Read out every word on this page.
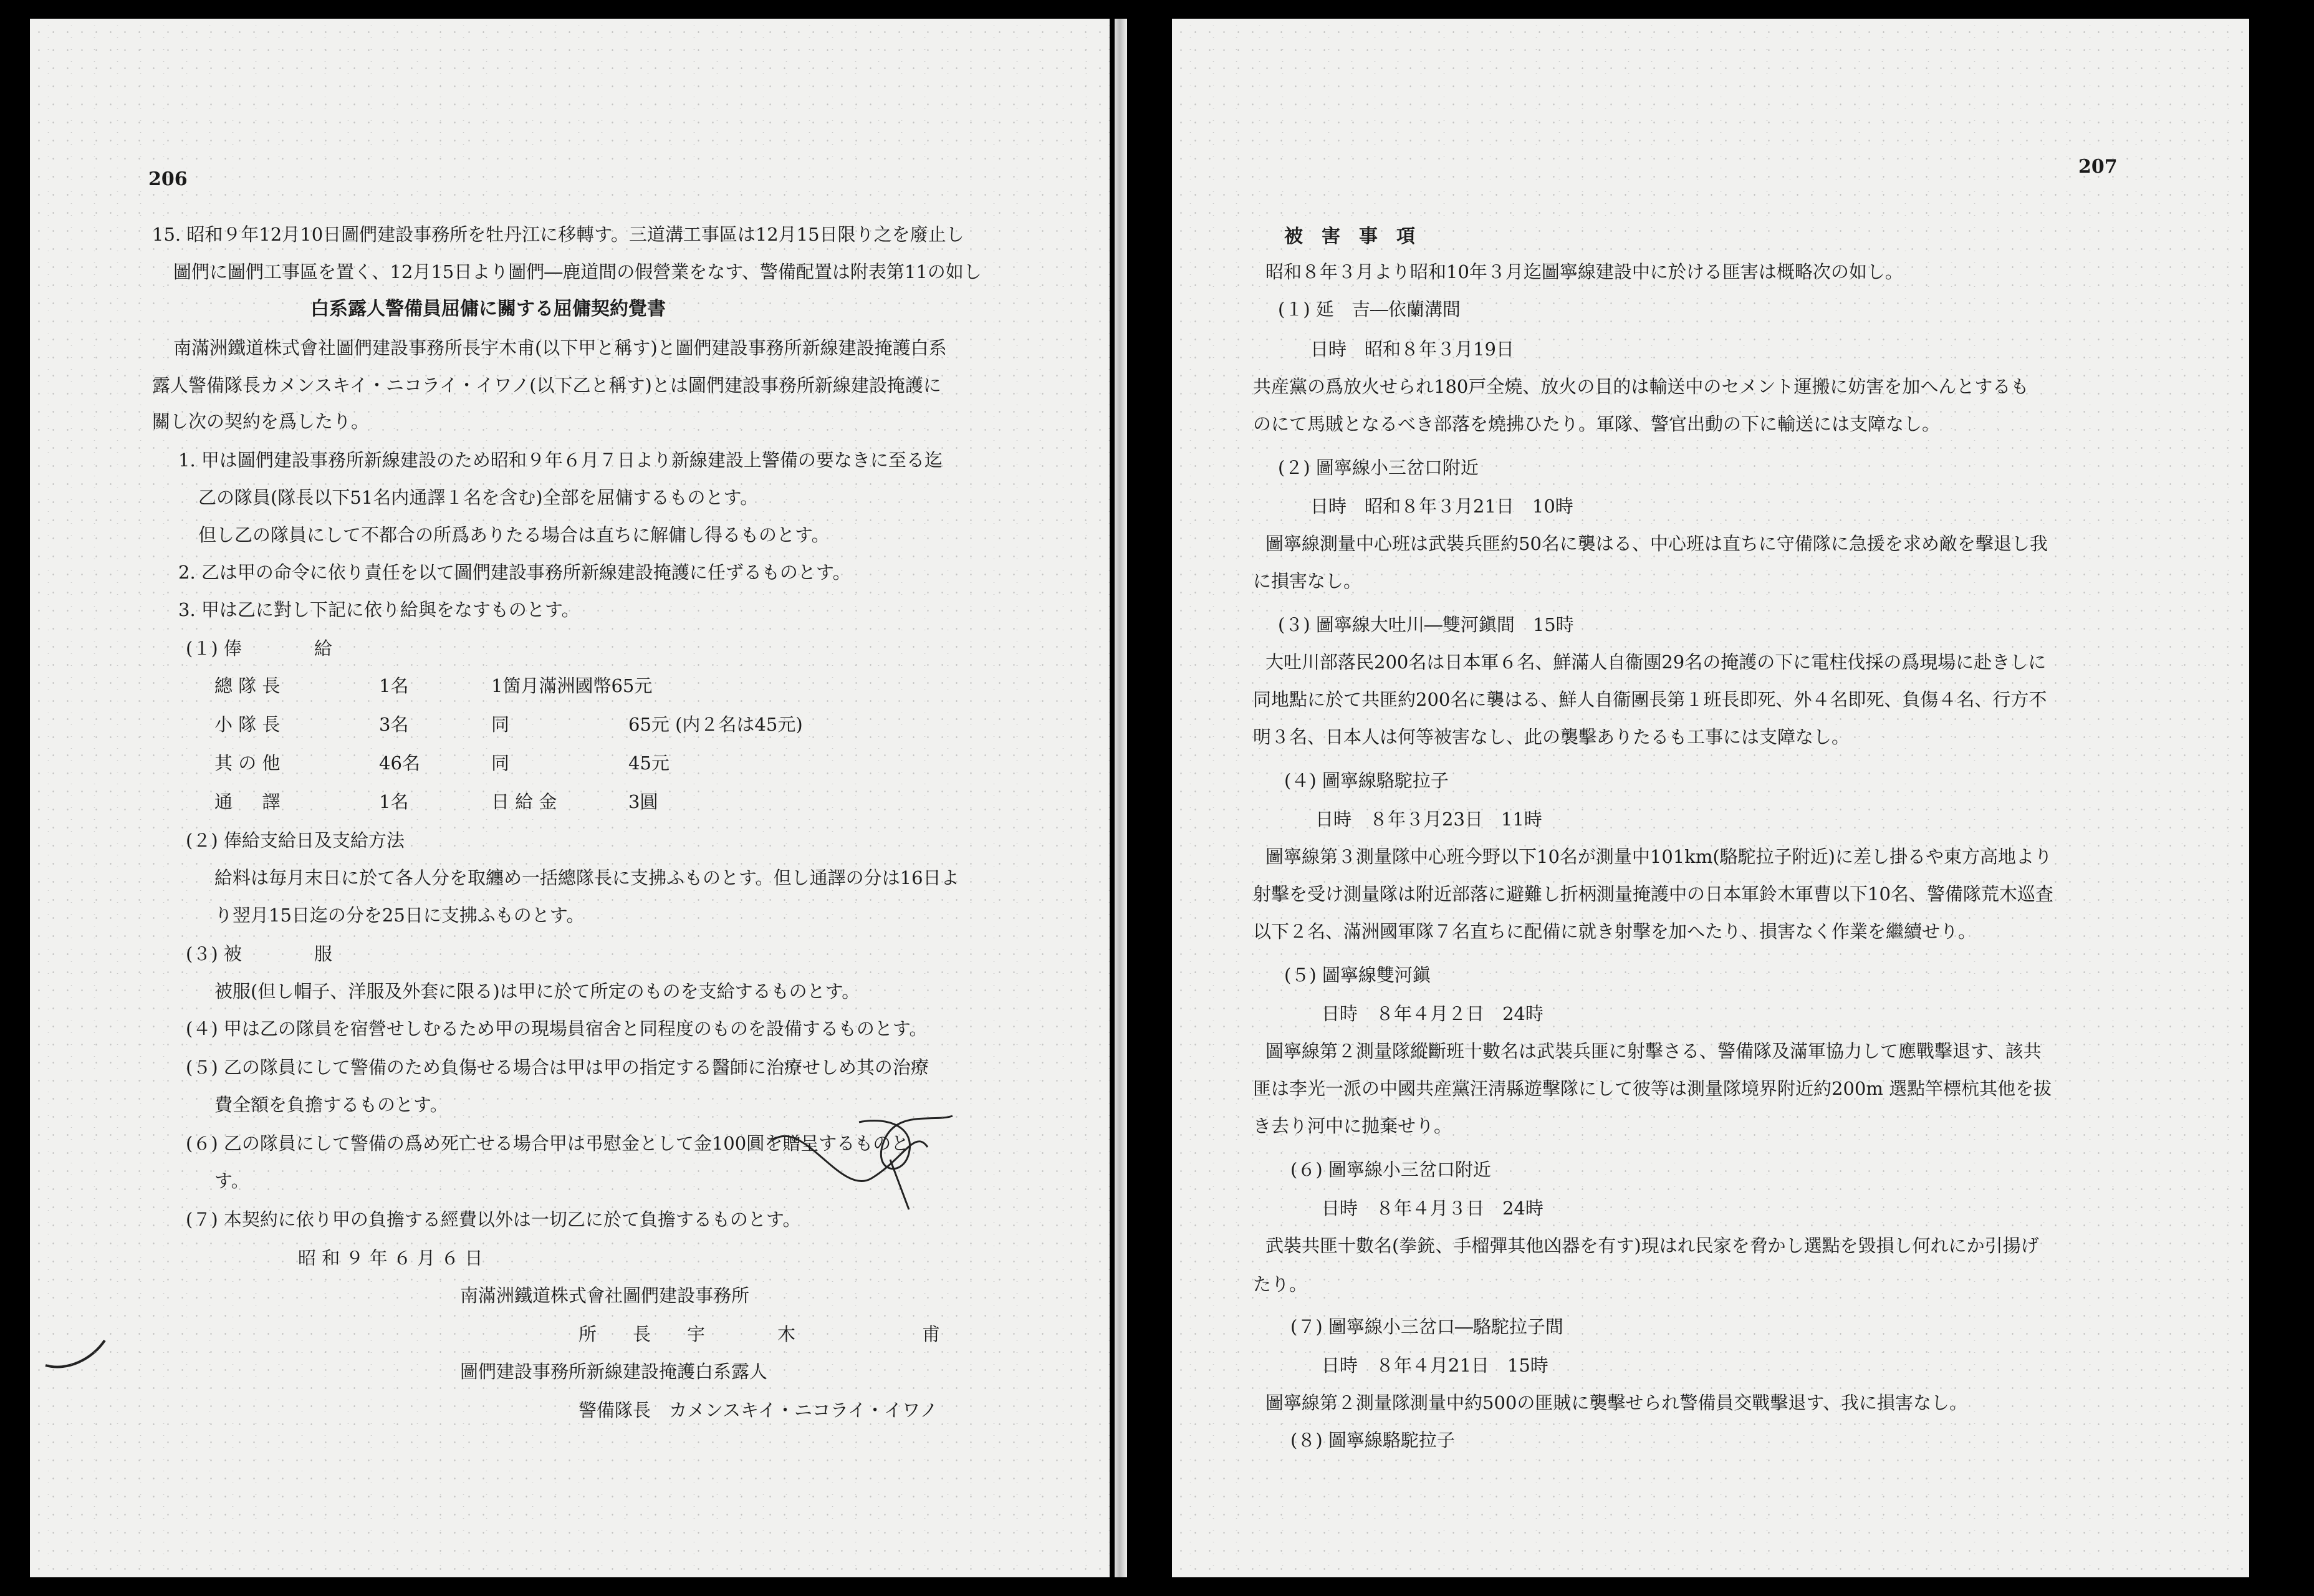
206
15. 昭和９年12月10日圖們建設事務所を牡丹江に移轉す。三道溝工事區は12月15日限り之を廢止し
圖們に圖們工事區を置く、12月15日より圖們―鹿道間の假營業をなす、警備配置は附表第11の如し
白系露人警備員屈傭に關する屈傭契約覺書
南滿洲鐵道株式會社圖們建設事務所長宇木甫(以下甲と稱す)と圖們建設事務所新線建設掩護白系
露人警備隊長カメンスキイ・ニコライ・イワノ(以下乙と稱す)とは圖們建設事務所新線建設掩護に
關し次の契約を爲したり。
1. 甲は圖們建設事務所新線建設のため昭和９年６月７日より新線建設上警備の要なきに至る迄
乙の隊員(隊長以下51名内通譯１名を含む)全部を屈傭するものとす。
但し乙の隊員にして不都合の所爲ありたる場合は直ちに解傭し得るものとす。
2. 乙は甲の命令に依り責任を以て圖們建設事務所新線建設掩護に任ずるものとす。
3. 甲は乙に對し下記に依り給與をなすものとす。
(１) 俸　　　　給
總 隊 長	1名	1箇月滿洲國幣65元
小 隊 長	3名	同	65元 (内２名は45元)
其 の 他	46名	同	45元
通 　 譯	1名	日 給 金	3圓
(２) 俸給支給日及支給方法
給料は毎月末日に於て各人分を取纏め一括總隊長に支拂ふものとす。但し通譯の分は16日よ
り翌月15日迄の分を25日に支拂ふものとす。
(３) 被　　　　服
被服(但し帽子、洋服及外套に限る)は甲に於て所定のものを支給するものとす。
(４) 甲は乙の隊員を宿營せしむるため甲の現場員宿舍と同程度のものを設備するものとす。
(５) 乙の隊員にして警備のため負傷せる場合は甲は甲の指定する醫師に治療せしめ其の治療
費全額を負擔するものとす。
(６) 乙の隊員にして警備の爲め死亡せる場合甲は弔慰金として金100圓を贈呈するものと
す。
(７) 本契約に依り甲の負擔する經費以外は一切乙に於て負擔するものとす。
昭 和 ９ 年 ６ 月 ６ 日
南滿洲鐵道株式會社圖們建設事務所
所　　長　　宇　　　　木　　　　　　　甫
圖們建設事務所新線建設掩護白系露人
警備隊長　カメンスキイ・ニコライ・イワノ
207
被　害　事　項
昭和８年３月より昭和10年３月迄圖寧線建設中に於ける匪害は概略次の如し。
(１) 延　吉―依蘭溝間
日時　昭和８年３月19日
共産黨の爲放火せられ180戸全燒、放火の目的は輸送中のセメント運搬に妨害を加へんとするも
のにて馬賊となるべき部落を燒拂ひたり。軍隊、警官出動の下に輸送には支障なし。
(２) 圖寧線小三岔口附近
日時　昭和８年３月21日　10時
圖寧線測量中心班は武裝兵匪約50名に襲はる、中心班は直ちに守備隊に急援を求め敵を擊退し我
に損害なし。
(３) 圖寧線大吐川―雙河鎭間　15時
大吐川部落民200名は日本軍６名、鮮滿人自衞團29名の掩護の下に電柱伐採の爲現場に赴きしに
同地點に於て共匪約200名に襲はる、鮮人自衞團長第１班長即死、外４名即死、負傷４名、行方不
明３名、日本人は何等被害なし、此の襲擊ありたるも工事には支障なし。
(４) 圖寧線駱駝拉子
日時　８年３月23日　11時
圖寧線第３測量隊中心班今野以下10名が測量中101km(駱駝拉子附近)に差し掛るや東方高地より
射擊を受け測量隊は附近部落に避難し折柄測量掩護中の日本軍鈴木軍曹以下10名、警備隊荒木巡査
以下２名、滿洲國軍隊７名直ちに配備に就き射擊を加へたり、損害なく作業を繼續せり。
(５) 圖寧線雙河鎭
日時　８年４月２日　24時
圖寧線第２測量隊縱斷班十數名は武裝兵匪に射擊さる、警備隊及滿軍協力して應戰擊退す、該共
匪は李光一派の中國共産黨汪淸縣遊擊隊にして彼等は測量隊境界附近約200m 選點竿標杭其他を拔
き去り河中に拋棄せり。
(６) 圖寧線小三岔口附近
日時　８年４月３日　24時
武裝共匪十數名(拳銃、手榴彈其他凶器を有す)現はれ民家を脅かし選點を毀損し何れにか引揚げ
たり。
(７) 圖寧線小三岔口―駱駝拉子間
日時　８年４月21日　15時
圖寧線第２測量隊測量中約500の匪賊に襲擊せられ警備員交戰擊退す、我に損害なし。
(８) 圖寧線駱駝拉子
